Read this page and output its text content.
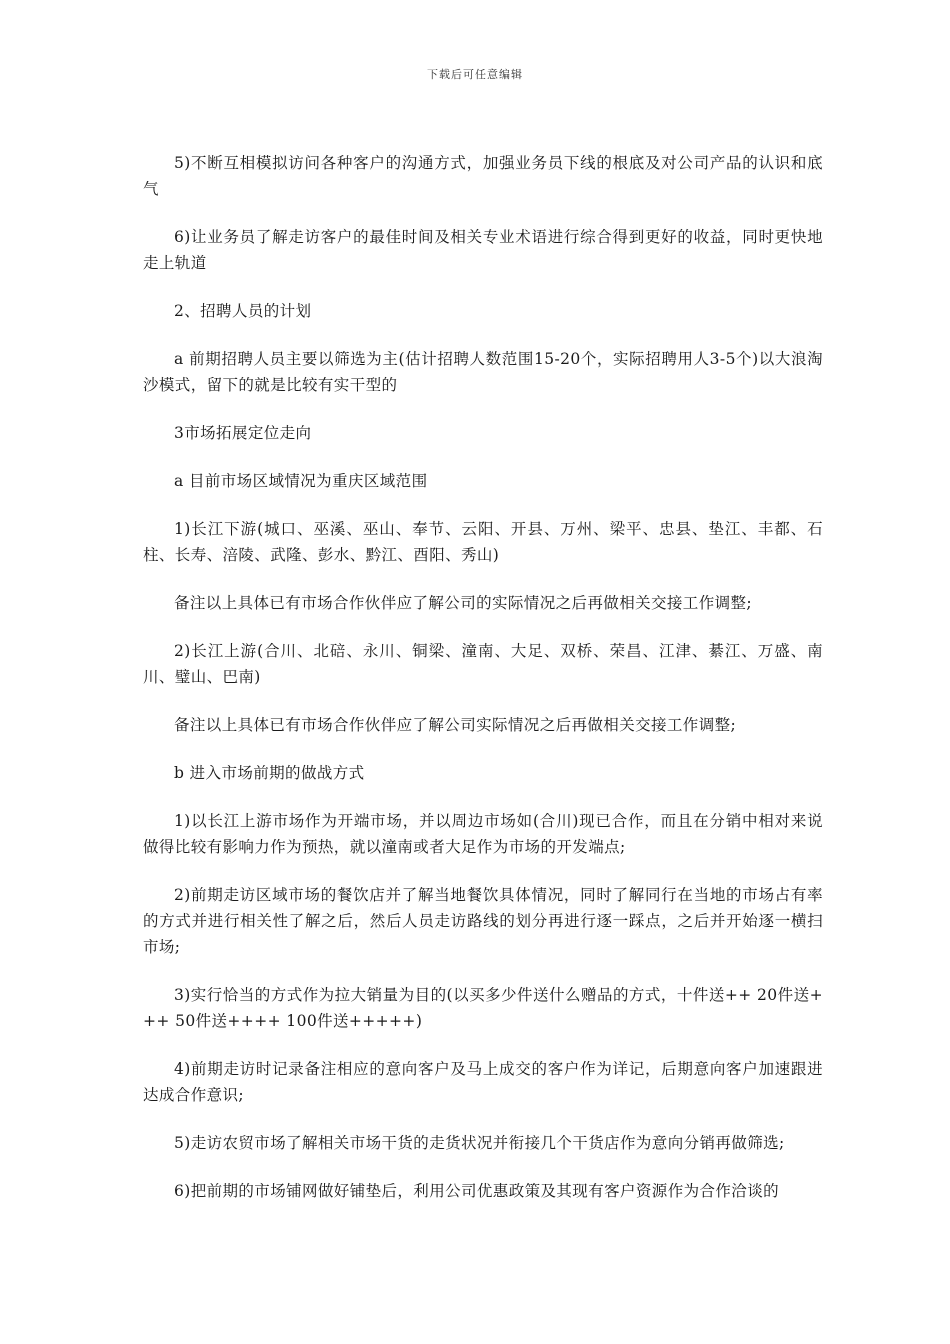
下载后可任意编辑

5)不断互相模拟访问各种客户的沟通方式，加强业务员下线的根底及对公司产品的认识和底气

6)让业务员了解走访客户的最佳时间及相关专业术语进行综合得到更好的收益，同时更快地走上轨道

2、招聘人员的计划

a 前期招聘人员主要以筛选为主(估计招聘人数范围15-20个，实际招聘用人3-5个)以大浪淘沙模式，留下的就是比较有实干型的

3市场拓展定位走向

a 目前市场区域情况为重庆区域范围

1)长江下游(城口、巫溪、巫山、奉节、云阳、开县、万州、梁平、忠县、垫江、丰都、石柱、长寿、涪陵、武隆、彭水、黔江、酉阳、秀山)

备注以上具体已有市场合作伙伴应了解公司的实际情况之后再做相关交接工作调整;

2)长江上游(合川、北碚、永川、铜梁、潼南、大足、双桥、荣昌、江津、綦江、万盛、南川、璧山、巴南)

备注以上具体已有市场合作伙伴应了解公司实际情况之后再做相关交接工作调整;

b 进入市场前期的做战方式

1)以长江上游市场作为开端市场，并以周边市场如(合川)现已合作，而且在分销中相对来说做得比较有影响力作为预热，就以潼南或者大足作为市场的开发端点;

2)前期走访区域市场的餐饮店并了解当地餐饮具体情况，同时了解同行在当地的市场占有率的方式并进行相关性了解之后，然后人员走访路线的划分再进行逐一踩点，之后并开始逐一横扫市场;

3)实行恰当的方式作为拉大销量为目的(以买多少件送什么赠品的方式，十件送++ 20件送+++ 50件送++++ 100件送+++++)

4)前期走访时记录备注相应的意向客户及马上成交的客户作为详记，后期意向客户加速跟进达成合作意识;

5)走访农贸市场了解相关市场干货的走货状况并衔接几个干货店作为意向分销再做筛选;

6)把前期的市场铺网做好铺垫后，利用公司优惠政策及其现有客户资源作为合作洽谈的
